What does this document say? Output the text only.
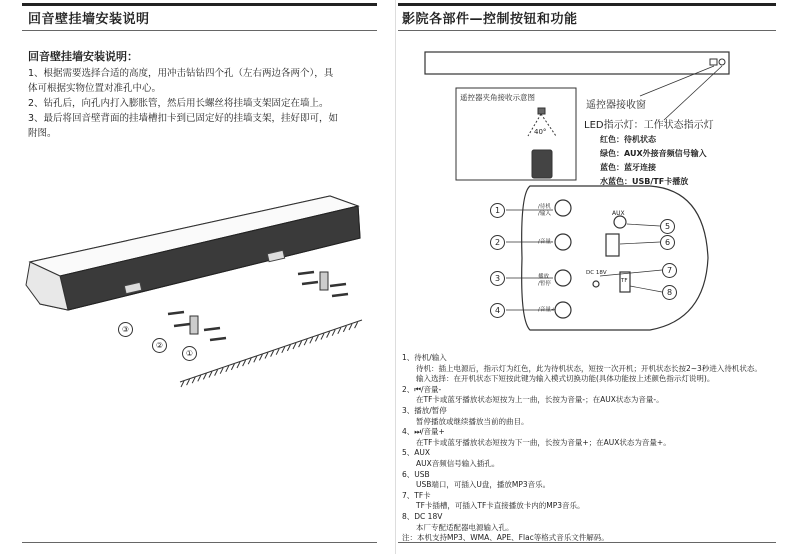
回音壁挂墙安装说明
回音壁挂墙安装说明：
1、根据需要选择合适的高度，用冲击钻钻四个孔（左右两边各两个），具
体可根据实物位置对准孔中心。
2、钻孔后，向孔内打入膨胀管，然后用长螺丝将挂墙支架固定在墙上。
3、最后将回音壁背面的挂墙槽扣卡到已固定好的挂墙支架，挂好即可，如
附图。
③
②
①
影院各部件—控制按钮和功能
遥控器接收窗
LED指示灯：工作状态指示灯
红色：待机状态
绿色：AUX外接音频信号输入
蓝色：蓝牙连接
水蓝色：USB/TF卡播放
遥控器夹角接收示意图
40°
/待机
/输入
/音量-
播放
/暂停
/音量+
AUX
DC 18V
TF
1
2
3
4
5
6
7
8
1、待机/输入
待机：插上电源后，指示灯为红色，此为待机状态，短按一次开机；开机状态长按2~3秒进入待机状态。
输入选择：在开机状态下短按此键为输入模式切换功能(具体功能按上述颜色指示灯说明)。
2、⏮/音量-
在TF卡或蓝牙播放状态短按为上一曲，长按为音量-；在AUX状态为音量-。
3、播放/暂停
暂停播放或继续播放当前的曲目。
4、⏭/音量+
在TF卡或蓝牙播放状态短按为下一曲，长按为音量+；在AUX状态为音量+。
5、AUX
AUX音频信号输入插孔。
6、USB
USB端口，可插入U盘，播放MP3音乐。
7、TF卡
TF卡插槽，可插入TF卡直接播放卡内的MP3音乐。
8、DC 18V
本厂专配适配器电源输入孔。
注：本机支持MP3、WMA、APE、Flac等格式音乐文件解码。
